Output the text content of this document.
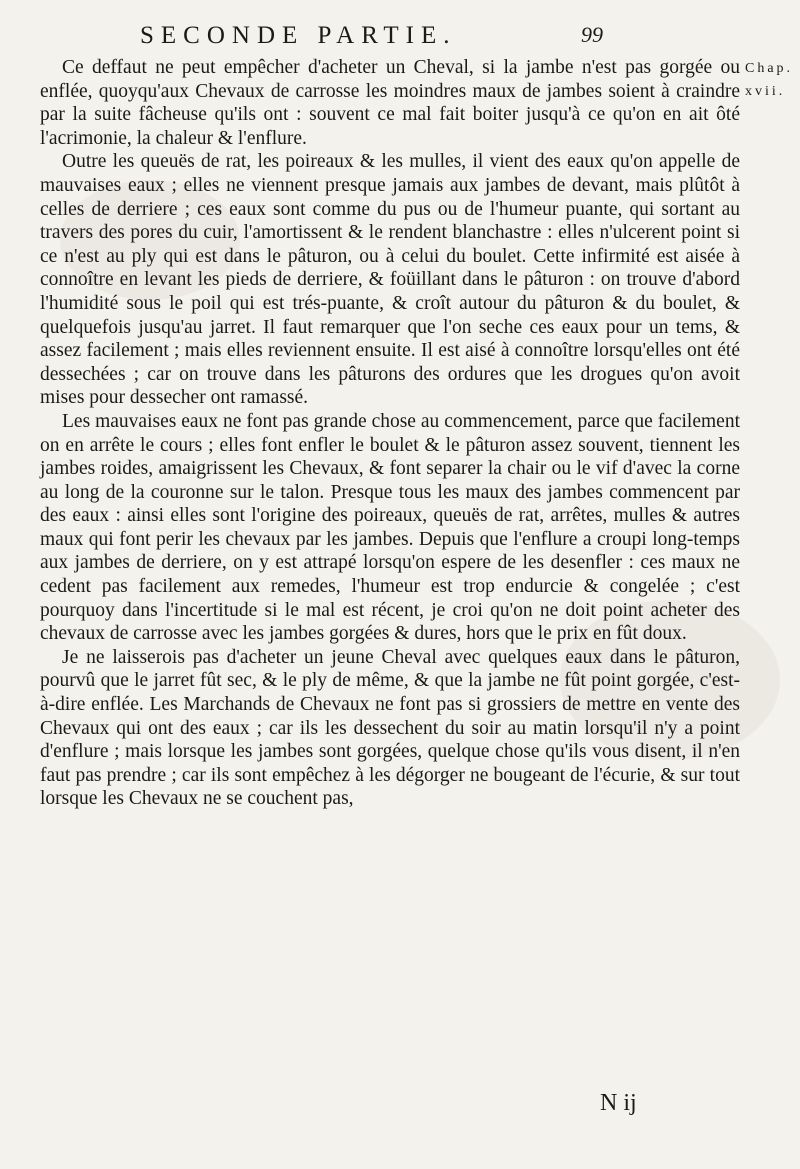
SECONDE PARTIE.	99
Chap.
xvii.

Ce deffaut ne peut empêcher d'acheter un Cheval, si la jambe n'est pas gorgée ou enflée, quoyqu'aux Chevaux de carrosse les moindres maux de jambes soient à craindre par la suite fâcheuse qu'ils ont : souvent ce mal fait boiter jusqu'à ce qu'on en ait ôté l'acrimonie, la chaleur & l'enflure.

Outre les queuës de rat, les poireaux & les mulles, il vient des eaux qu'on appelle de mauvaises eaux ; elles ne viennent presque jamais aux jambes de devant, mais plûtôt à celles de derriere ; ces eaux sont comme du pus ou de l'humeur puante, qui sortant au travers des pores du cuir, l'amortissent & le rendent blanchastre : elles n'ulcerent point si ce n'est au ply qui est dans le pâturon, ou à celui du boulet. Cette infirmité est aisée à connoître en levant les pieds de derriere, & foüillant dans le pâturon : on trouve d'abord l'humidité sous le poil qui est trés-puante, & croît autour du pâturon & du boulet, & quelquefois jusqu'au jarret. Il faut remarquer que l'on seche ces eaux pour un tems, & assez facilement ; mais elles reviennent ensuite. Il est aisé à connoître lorsqu'elles ont été dessechées ; car on trouve dans les pâturons des ordures que les drogues qu'on avoit mises pour dessecher ont ramassé.

Les mauvaises eaux ne font pas grande chose au commencement, parce que facilement on en arrête le cours ; elles font enfler le boulet & le pâturon assez souvent, tiennent les jambes roides, amaigrissent les Chevaux, & font separer la chair ou le vif d'avec la corne au long de la couronne sur le talon. Presque tous les maux des jambes commencent par des eaux : ainsi elles sont l'origine des poireaux, queuës de rat, arrêtes, mulles & autres maux qui font perir les chevaux par les jambes. Depuis que l'enflure a croupi long-temps aux jambes de derriere, on y est attrapé lorsqu'on espere de les desenfler : ces maux ne cedent pas facilement aux remedes, l'humeur est trop endurcie & congelée ; c'est pourquoy dans l'incertitude si le mal est récent, je croi qu'on ne doit point acheter des chevaux de carrosse avec les jambes gorgées & dures, hors que le prix en fût doux.

Je ne laisserois pas d'acheter un jeune Cheval avec quelques eaux dans le pâturon, pourvû que le jarret fût sec, & le ply de même, & que la jambe ne fût point gorgée, c'est-à-dire enflée. Les Marchands de Chevaux ne font pas si grossiers de mettre en vente des Chevaux qui ont des eaux ; car ils les dessechent du soir au matin lorsqu'il n'y a point d'enflure ; mais lorsque les jambes sont gorgées, quelque chose qu'ils vous disent, il n'en faut pas prendre ; car ils sont empêchez à les dégorger ne bougeant de l'écurie, & sur tout lorsque les Chevaux ne se couchent pas,

N ij
